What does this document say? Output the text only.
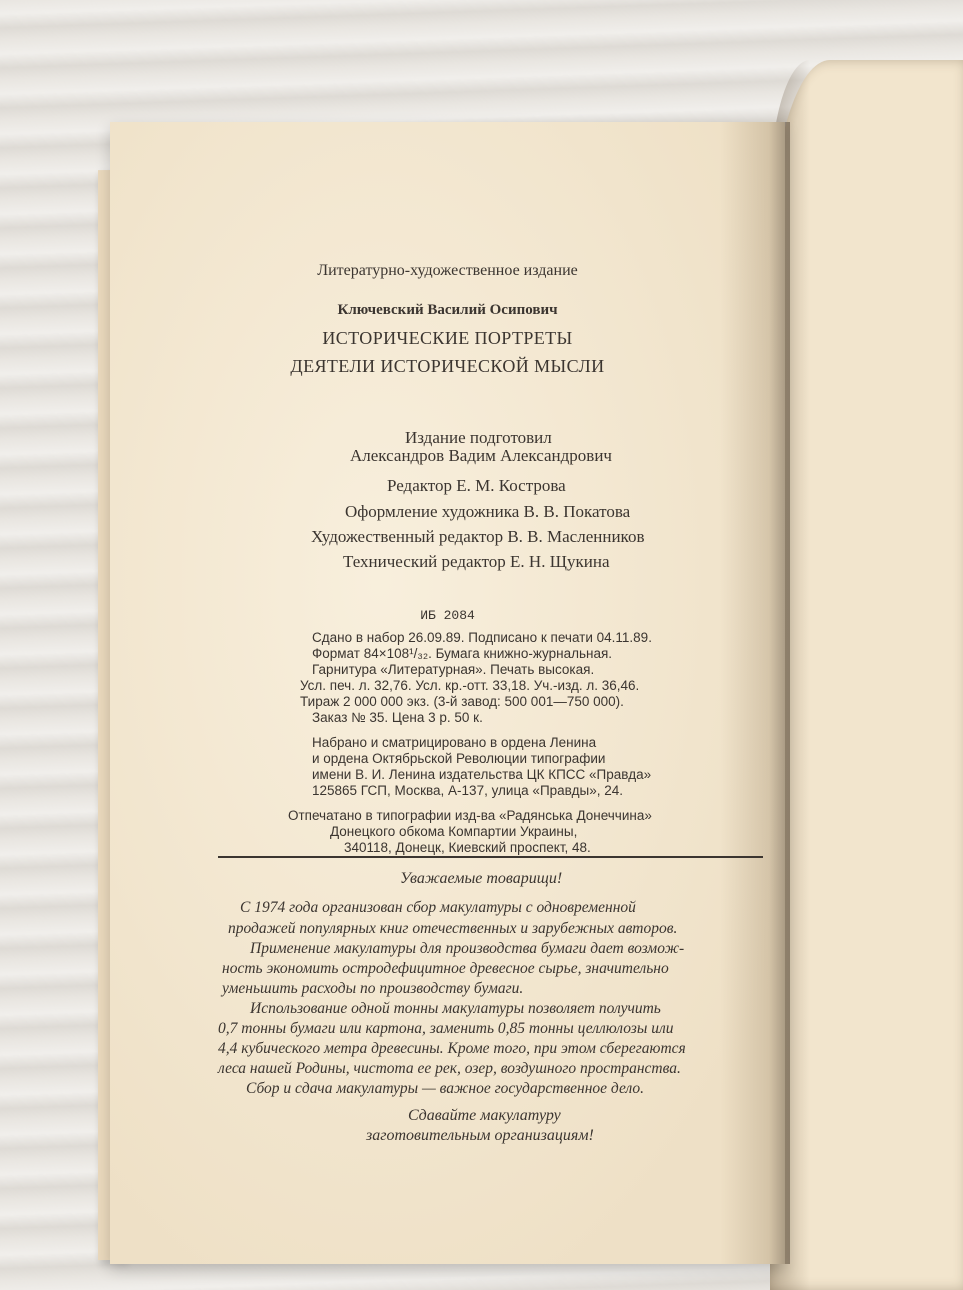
Литературно-художественное издание
Ключевский Василий Осипович
ИСТОРИЧЕСКИЕ ПОРТРЕТЫ
ДЕЯТЕЛИ ИСТОРИЧЕСКОЙ МЫСЛИ
Издание подготовил
Александров Вадим Александрович
Редактор Е. М. Кострова
Оформление художника В. В. Покатова
Художественный редактор В. В. Масленников
Технический редактор Е. Н. Щукина
ИБ 2084
Сдано в набор 26.09.89. Подписано к печати 04.11.89.
Формат 84×108¹/₃₂. Бумага книжно-журнальная.
Гарнитура «Литературная». Печать высокая.
Усл. печ. л. 32,76. Усл. кр.-отт. 33,18. Уч.-изд. л. 36,46.
Тираж 2 000 000 экз. (3-й завод: 500 001—750 000).
Заказ № 35. Цена 3 р. 50 к.
Набрано и сматрицировано в ордена Ленина
и ордена Октябрьской Революции типографии
имени В. И. Ленина издательства ЦК КПСС «Правда»
125865 ГСП, Москва, А-137, улица «Правды», 24.
Отпечатано в типографии изд-ва «Радянська Донеччина»
Донецкого обкома Компартии Украины,
340118, Донецк, Киевский проспект, 48.
Уважаемые товарищи!
С 1974 года организован сбор макулатуры с одновременной
продажей популярных книг отечественных и зарубежных авторов.
Применение макулатуры для производства бумаги дает возмож-
ность экономить остродефицитное древесное сырье, значительно
уменьшить расходы по производству бумаги.
Использование одной тонны макулатуры позволяет получить
0,7 тонны бумаги или картона, заменить 0,85 тонны целлюлозы или
4,4 кубического метра древесины. Кроме того, при этом сберегаются
леса нашей Родины, чистота ее рек, озер, воздушного пространства.
Сбор и сдача макулатуры — важное государственное дело.
Сдавайте макулатуру
заготовительным организациям!
